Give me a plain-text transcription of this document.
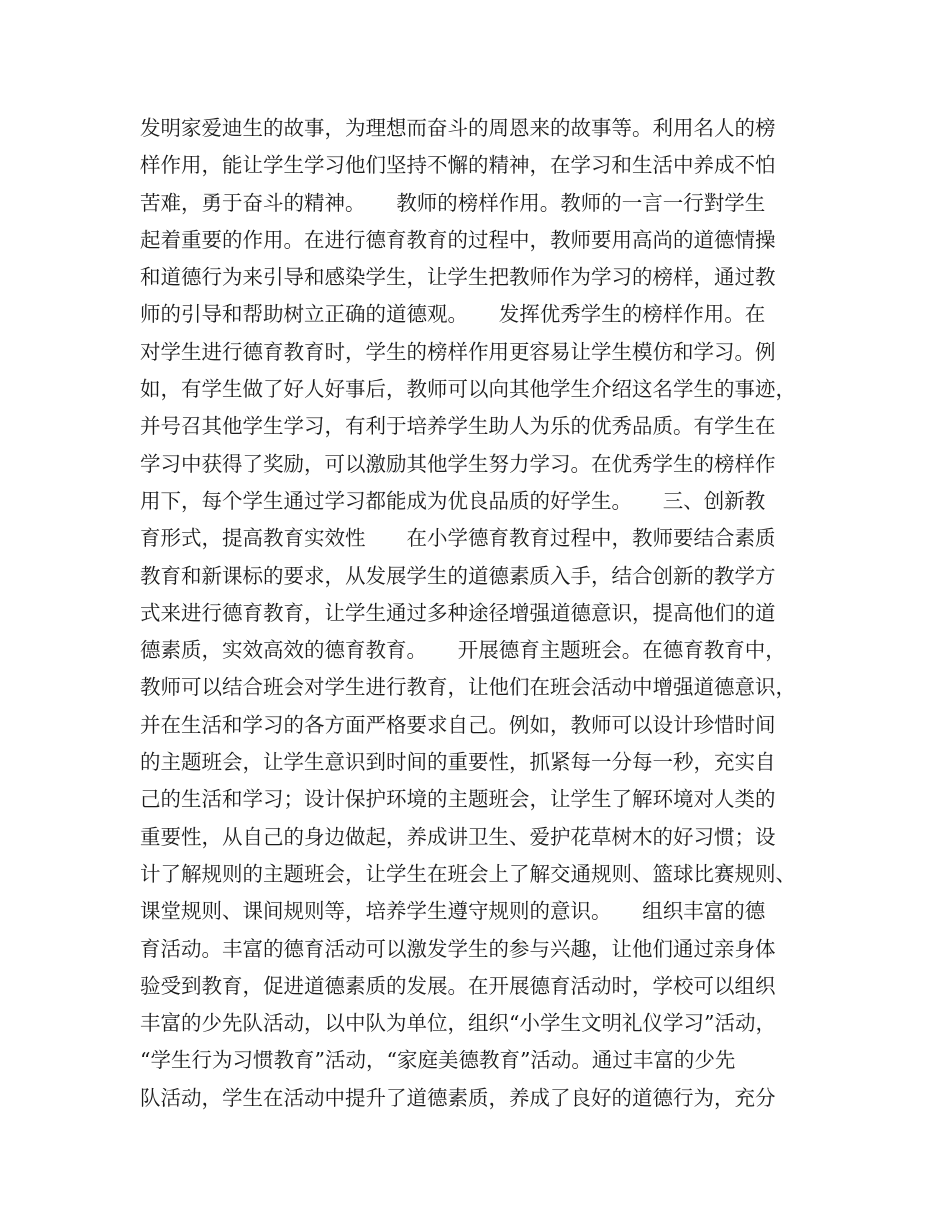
发明家爱迪生的故事，为理想而奋斗的周恩来的故事等。利用名人的榜
样作用，能让学生学习他们坚持不懈的精神，在学习和生活中养成不怕
苦难，勇于奋斗的精神。　　教师的榜样作用。教师的一言一行對学生
起着重要的作用。在进行德育教育的过程中，教师要用高尚的道德情操
和道德行为来引导和感染学生，让学生把教师作为学习的榜样，通过教
师的引导和帮助树立正确的道德观。　　发挥优秀学生的榜样作用。在
对学生进行德育教育时，学生的榜样作用更容易让学生模仿和学习。例
如，有学生做了好人好事后，教师可以向其他学生介绍这名学生的事迹，
并号召其他学生学习，有利于培养学生助人为乐的优秀品质。有学生在
学习中获得了奖励，可以激励其他学生努力学习。在优秀学生的榜样作
用下，每个学生通过学习都能成为优良品质的好学生。　　三、创新教
育形式，提高教育实效性　　在小学德育教育过程中，教师要结合素质
教育和新课标的要求，从发展学生的道德素质入手，结合创新的教学方
式来进行德育教育，让学生通过多种途径增强道德意识，提高他们的道
德素质，实效高效的德育教育。　　开展德育主题班会。在德育教育中，
教师可以结合班会对学生进行教育，让他们在班会活动中增强道德意识，
并在生活和学习的各方面严格要求自己。例如，教师可以设计珍惜时间
的主题班会，让学生意识到时间的重要性，抓紧每一分每一秒，充实自
己的生活和学习；设计保护环境的主题班会，让学生了解环境对人类的
重要性，从自己的身边做起，养成讲卫生、爱护花草树木的好习惯；设
计了解规则的主题班会，让学生在班会上了解交通规则、篮球比赛规则、
课堂规则、课间规则等，培养学生遵守规则的意识。　　组织丰富的德
育活动。丰富的德育活动可以激发学生的参与兴趣，让他们通过亲身体
验受到教育，促进道德素质的发展。在开展德育活动时，学校可以组织
丰富的少先队活动，以中队为单位，组织“小学生文明礼仪学习”活动，
“学生行为习惯教育”活动，“家庭美德教育”活动。通过丰富的少先
队活动，学生在活动中提升了道德素质，养成了良好的道德行为，充分
